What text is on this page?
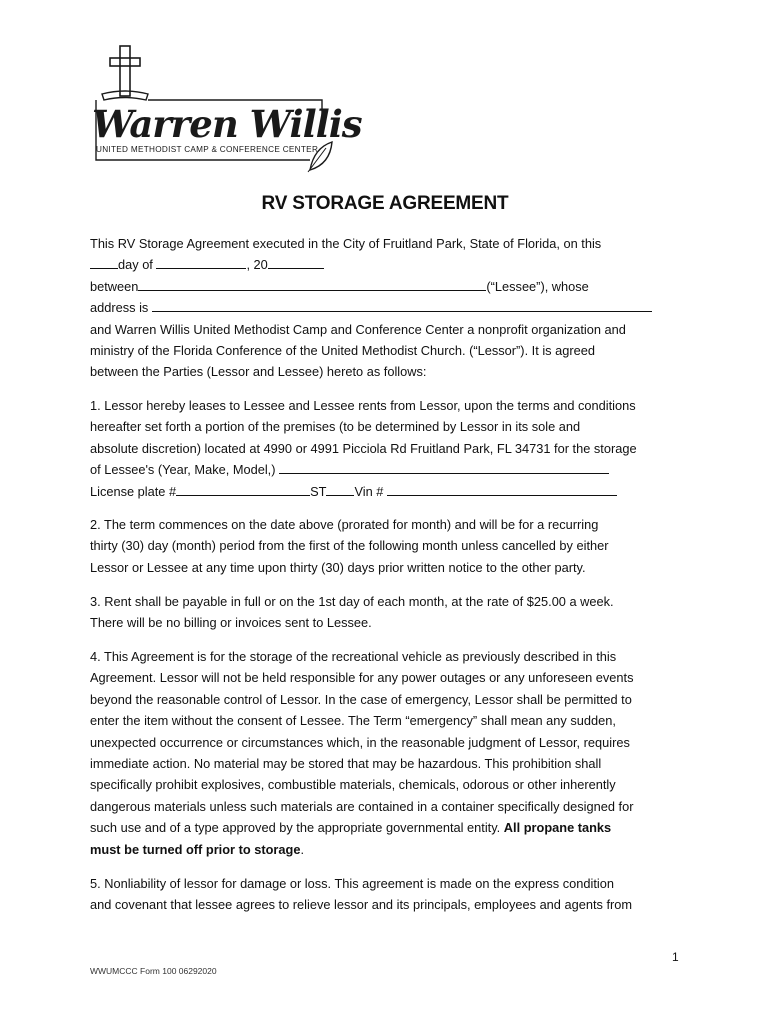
Warren Willis
UNITED METHODIST CAMP & CONFERENCE CENTER
RV STORAGE AGREEMENT
This RV Storage Agreement executed in the City of Fruitland Park, State of Florida, on this
day of	, 20
between	(“Lessee”), whose
address is
and Warren Willis United Methodist Camp and Conference Center a nonprofit organization and
ministry of the Florida Conference of the United Methodist Church. (“Lessor”). It is agreed
between the Parties (Lessor and Lessee) hereto as follows:
1. Lessor hereby leases to Lessee and Lessee rents from Lessor, upon the terms and conditions
hereafter set forth a portion of the premises (to be determined by Lessor in its sole and
absolute discretion) located at 4990 or 4991 Picciola Rd Fruitland Park, FL 34731 for the storage
of Lessee's (Year, Make, Model,)
License plate #	ST Vin #
2. The term commences on the date above (prorated for month) and will be for a recurring
thirty (30) day (month) period from the first of the following month unless cancelled by either
Lessor or Lessee at any time upon thirty (30) days prior written notice to the other party.
3. Rent shall be payable in full or on the 1st day of each month, at the rate of $25.00 a week.
There will be no billing or invoices sent to Lessee.
4. This Agreement is for the storage of the recreational vehicle as previously described in this
Agreement. Lessor will not be held responsible for any power outages or any unforeseen events
beyond the reasonable control of Lessor. In the case of emergency, Lessor shall be permitted to
enter the item without the consent of Lessee. The Term “emergency” shall mean any sudden,
unexpected occurrence or circumstances which, in the reasonable judgment of Lessor, requires
immediate action. No material may be stored that may be hazardous. This prohibition shall
specifically prohibit explosives, combustible materials, chemicals, odorous or other inherently
dangerous materials unless such materials are contained in a container specifically designed for
such use and of a type approved by the appropriate governmental entity. All propane tanks
must be turned off prior to storage.
5. Nonliability of lessor for damage or loss. This agreement is made on the express condition
and covenant that lessee agrees to relieve lessor and its principals, employees and agents from
1
WWUMCCC Form 100 06292020
